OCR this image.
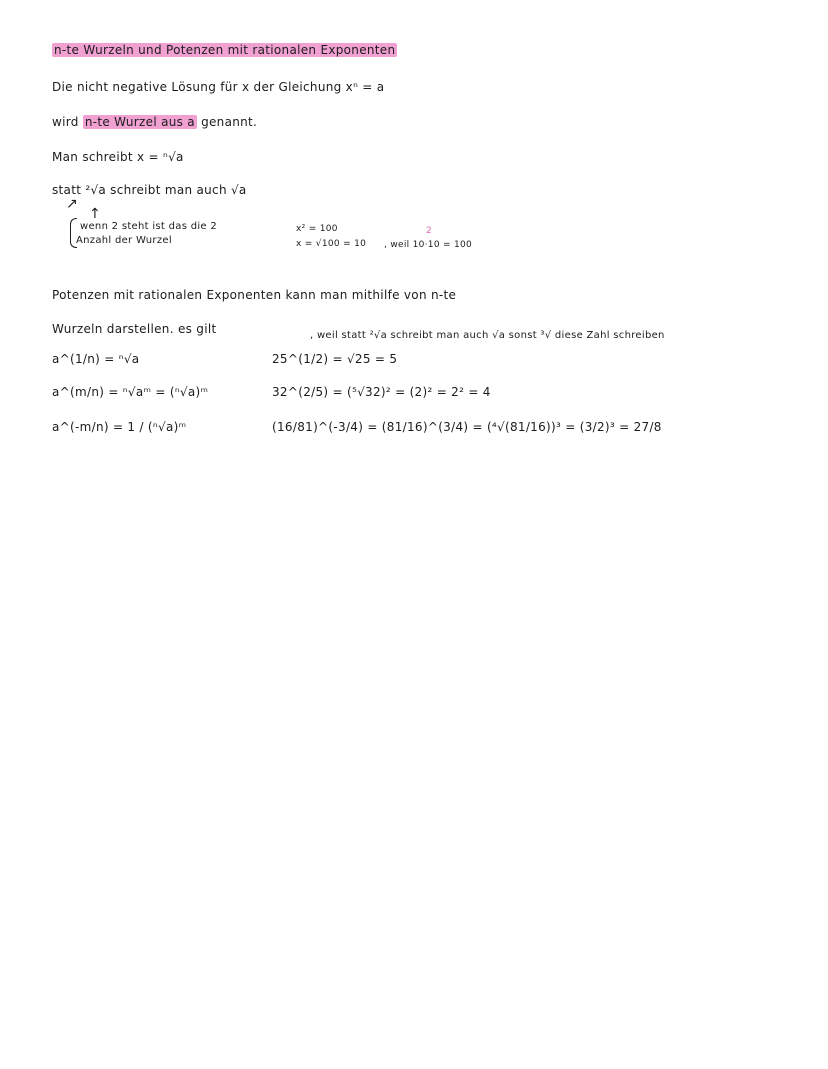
n-te Wurzeln und Potenzen mit rationalen Exponenten
Die nicht negative Lösung für x der Gleichung xⁿ = a
wird n-te Wurzel aus a genannt.
Man schreibt x = ⁿ√a
statt ²√a schreibt man auch √a
↗
↑
wenn 2 steht ist das die 2
Anzahl der Wurzel
x² = 100
x = √100 = 10
2
, weil 10·10 = 100
Potenzen mit rationalen Exponenten kann man mithilfe von n-te
Wurzeln darstellen. es gilt
a^(1/n) = ⁿ√a
a^(m/n) = ⁿ√aᵐ = (ⁿ√a)ᵐ
a^(-m/n) = 1 / (ⁿ√a)ᵐ
, weil statt ²√a schreibt man auch √a sonst ³√ diese Zahl schreiben
25^(1/2) = √25 = 5
32^(2/5) = (⁵√32)² = (2)² = 2² = 4
(16/81)^(-3/4) = (81/16)^(3/4) = (⁴√(81/16))³ = (3/2)³ = 27/8
